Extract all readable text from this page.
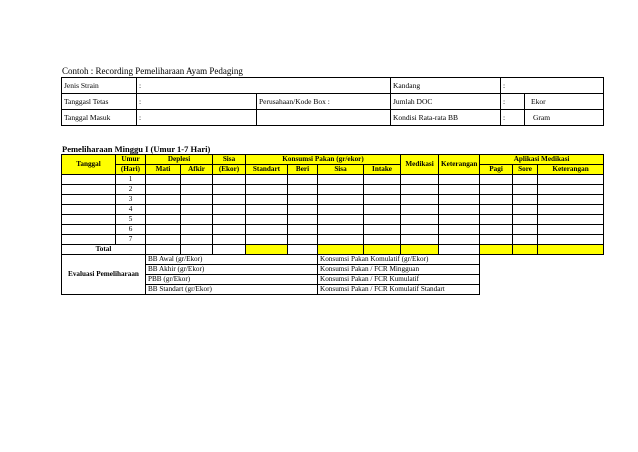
Contoh : Recording Pemeliharaan Ayam Pedaging
Jenis Strain	:		Kandang	:	
Tanggasl Tetas	:	Perusahaan/Kode Box :	Jumlah DOC	:	Ekor
Tanggal Masuk	:		Kondisi Rata-rata BB	:	Gram
Pemeliharaan Minggu I (Umur 1-7 Hari)
Tanggal	Umur	Deplesi		Sisa	Konsumsi Pakan (gr/ekor)				Medikasi	Keterangan	Aplikasi Medikasi		
	(Hari)	Mati	Afkir	(Ekor)	Standart	Beri	Sisa	Intake			Pagi	Sore	Keterangan
	1												
	2												
	3												
	4												
	5												
	6												
	7												
Total													
Evaluasi Pemeliharaan		BB Awal (gr/Ekor)					Konsumsi Pakan Komulatif (gr/Ekor)						
		BB Akhir (gr/Ekor)					Konsumsi Pakan / FCR Mingguan						
		PBB (gr/Ekor)					Konsumsi Pakan / FCR Kumulatif						
		BB Standart (gr/Ekor)					Konsumsi Pakan / FCR Komulatif Standart						
